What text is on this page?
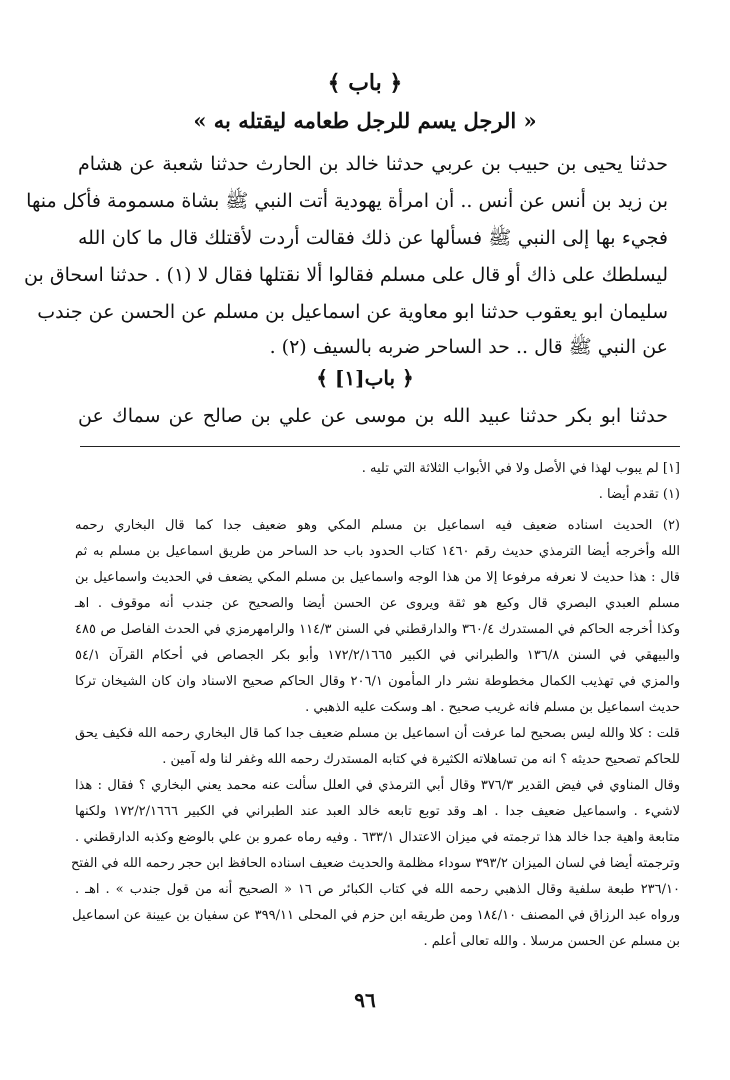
﴿ باب ﴾
« الرجل يسم للرجل طعامه ليقتله به »
حدثنا يحيى بن حبيب بن عربي حدثنا خالد بن الحارث حدثنا شعبة عن هشام
بن زيد بن أنس عن أنس .. أن امرأة يهودية أتت النبي ﷺ بشاة مسمومة فأكل منها
فجيء بها إلى النبي ﷺ فسألها عن ذلك فقالت أردت لأقتلك قال ما كان الله
ليسلطك على ذاك أو قال على مسلم فقالوا ألا نقتلها فقال لا (١) . حدثنا اسحاق بن
سليمان ابو يعقوب حدثنا ابو معاوية عن اسماعيل بن مسلم عن الحسن عن جندب
عن النبي ﷺ قال .. حد الساحر ضربه بالسيف (٢) .
﴿ باب[١] ﴾
حدثنا ابو بكر حدثنا عبيد الله بن موسى عن علي بن صالح عن سماك عن
[١] لم يبوب لهذا في الأصل ولا في الأبواب الثلاثة التي تليه .
(١) تقدم أيضا .
(٢) الحديث اسناده ضعيف فيه اسماعيل بن مسلم المكي وهو ضعيف جدا كما قال البخاري رحمه
الله وأخرجه أيضا الترمذي حديث رقم ١٤٦٠ كتاب الحدود باب حد الساحر من طريق اسماعيل بن مسلم به ثم
قال : هذا حديث لا نعرفه مرفوعا إلا من هذا الوجه واسماعيل بن مسلم المكي يضعف في الحديث واسماعيل بن
مسلم العبدي البصري قال وكيع هو ثقة ويروى عن الحسن أيضا والصحيح عن جندب أنه موقوف . اهـ
وكذا أخرجه الحاكم في المستدرك ٣٦٠/٤ والدارقطني في السنن ١١٤/٣ والرامهرمزي في الحدث الفاصل ص ٤٨٥
والبيهقي في السنن ١٣٦/٨ والطبراني في الكبير ١٧٢/٢/١٦٦٥ وأبو بكر الجصاص في أحكام القرآن ٥٤/١
والمزي في تهذيب الكمال مخطوطة نشر دار المأمون ٢٠٦/١ وقال الحاكم صحيح الاسناد وان كان الشيخان تركا
حديث اسماعيل بن مسلم فانه غريب صحيح . اهـ وسكت عليه الذهبي .
قلت : كلا والله ليس بصحيح لما عرفت أن اسماعيل بن مسلم ضعيف جدا كما قال البخاري رحمه الله فكيف يحق
للحاكم تصحيح حديثه ؟ انه من تساهلاته الكثيرة في كتابه المستدرك رحمه الله وغفر لنا وله آمين .
وقال المناوي في فيض القدير ٣٧٦/٣ وقال أبي الترمذي في العلل سألت عنه محمد يعني البخاري ؟ فقال : هذا
لاشيء . واسماعيل ضعيف جدا . اهـ وقد توبع تابعه خالد العبد عند الطبراني في الكبير ١٧٢/٢/١٦٦٦ ولكنها
متابعة واهية جدا خالد هذا ترجمته في ميزان الاعتدال ٦٣٣/١ . وفيه رماه عمرو بن علي بالوضع وكذبه الدارقطني .
وترجمته أيضا في لسان الميزان ٣٩٣/٢ سوداء مظلمة والحديث ضعيف اسناده الحافظ ابن حجر رحمه الله في الفتح
٢٣٦/١٠ طبعة سلفية وقال الذهبي رحمه الله في كتاب الكبائر ص ١٦ « الصحيح أنه من قول جندب » . اهـ .
ورواه عبد الرزاق في المصنف ١٨٤/١٠ ومن طريقه ابن حزم في المحلى ٣٩٩/١١ عن سفيان بن عيينة عن اسماعيل
بن مسلم عن الحسن مرسلا . والله تعالى أعلم .
٩٦
